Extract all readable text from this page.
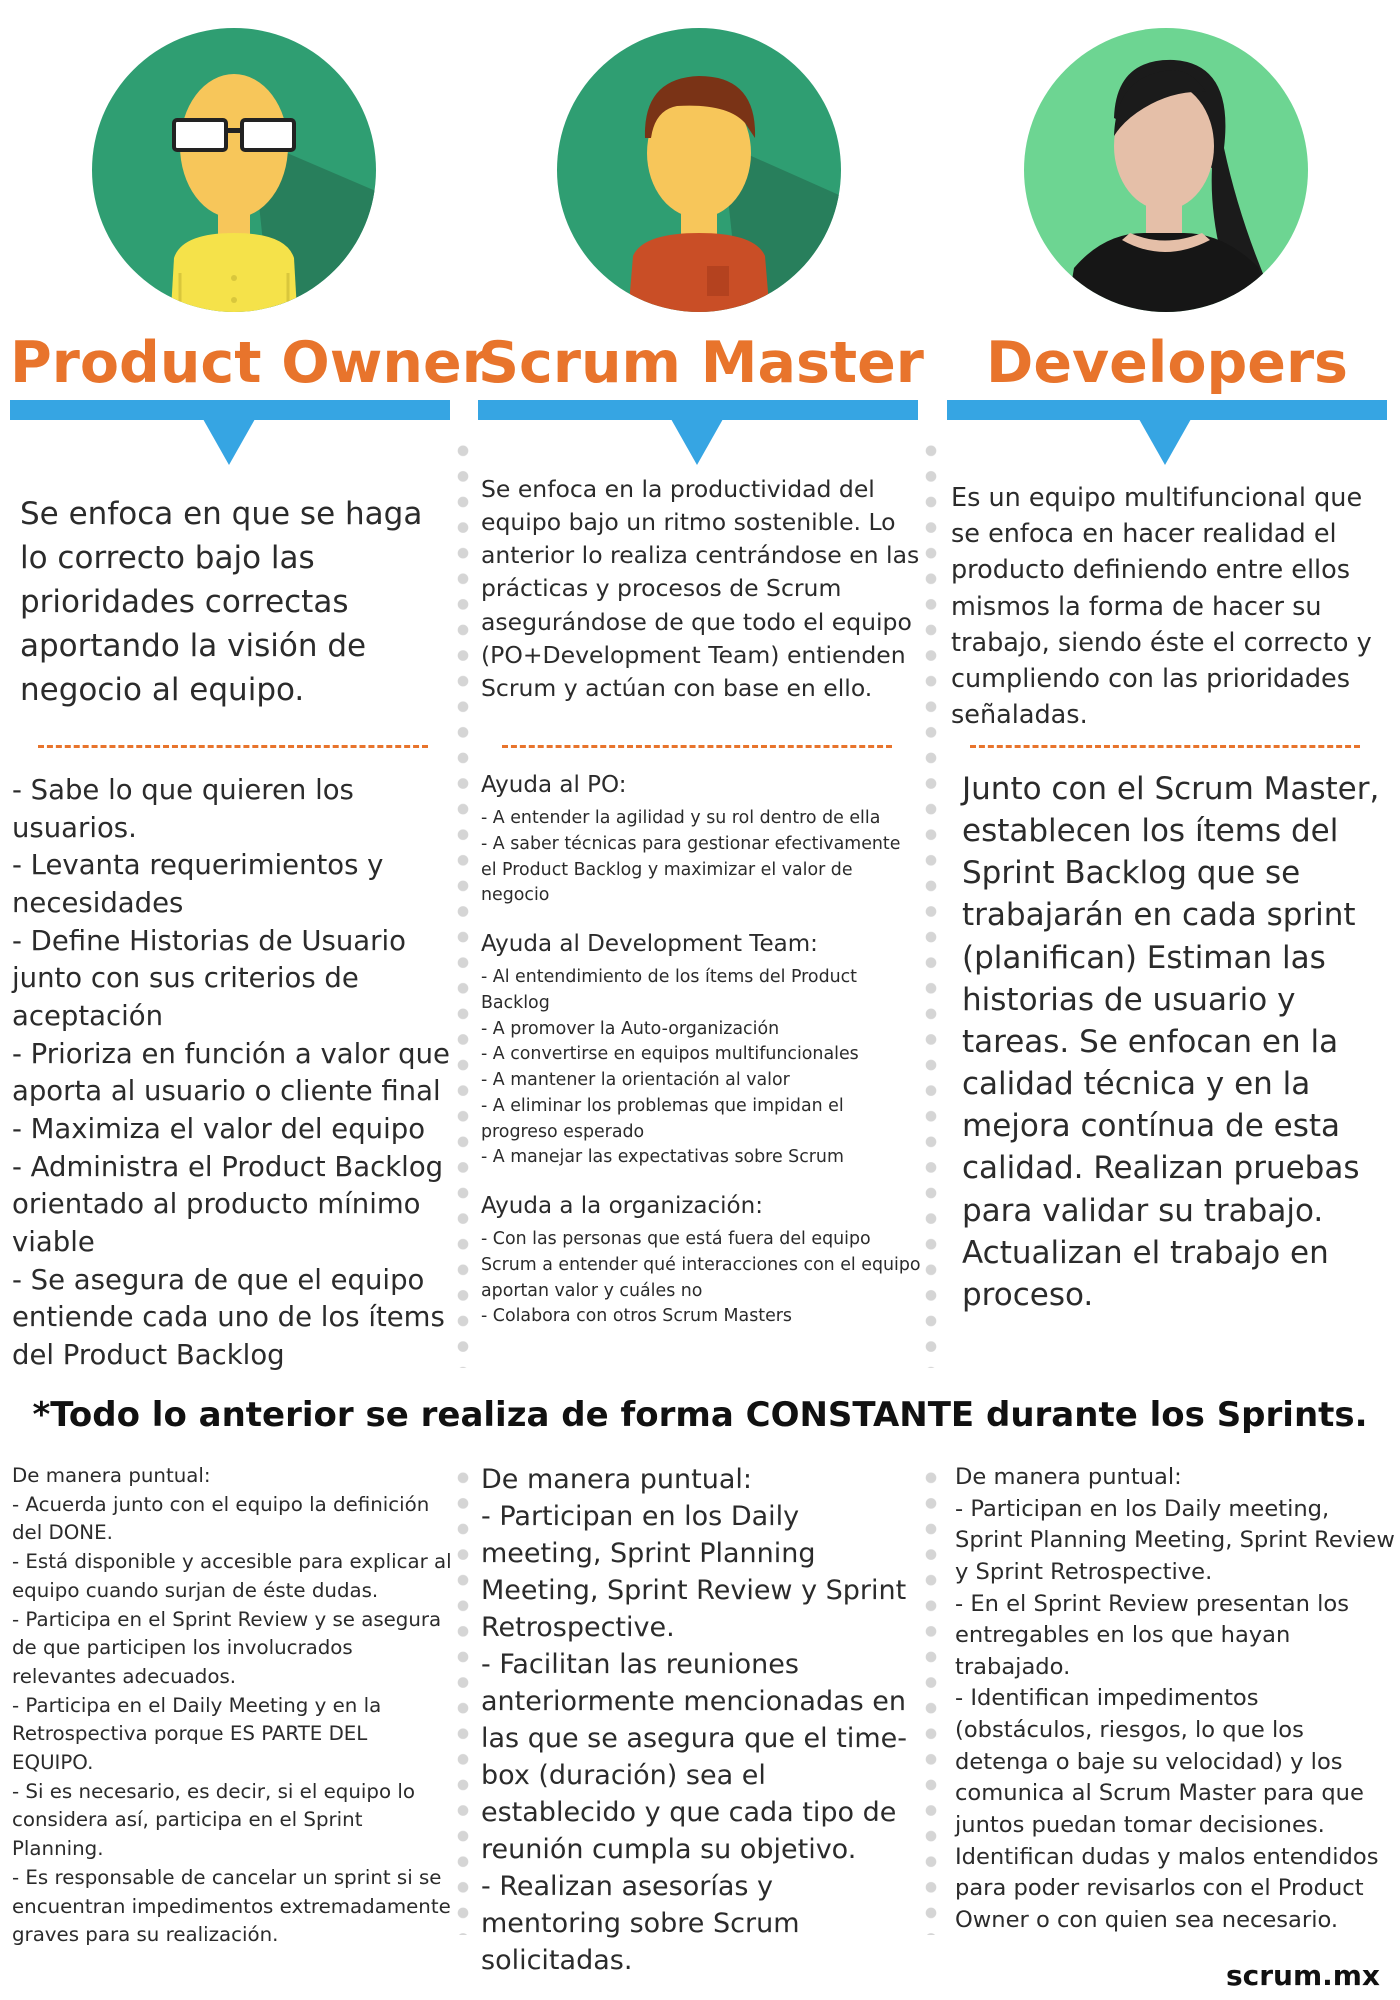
Product Owner
Scrum Master	Developers
Se enfoca en que se haga lo correcto bajo las prioridades correctas aportando la visión de negocio al equipo.
Se enfoca en la productividad del equipo bajo un ritmo sostenible. Lo anterior lo realiza centrándose en las prácticas y procesos de Scrum asegurándose de que todo el equipo (PO+Development Team) entienden Scrum y actúan con base en ello.
Es un equipo multifuncional que se enfoca en hacer realidad el producto definiendo entre ellos mismos la forma de hacer su trabajo, siendo éste el correcto y cumpliendo con las prioridades señaladas.
- Sabe lo que quieren los usuarios.
- Levanta requerimientos y necesidades
- Define Historias de Usuario junto con sus criterios de aceptación
- Prioriza en función a valor que aporta al usuario o cliente final
- Maximiza el valor del equipo
- Administra el Product Backlog orientado al producto mínimo viable
- Se asegura de que el equipo entiende cada uno de los ítems del Product Backlog
Ayuda al PO:
- A entender la agilidad y su rol dentro de ella
- A saber técnicas para gestionar efectivamente el Product Backlog y maximizar el valor de negocio
Ayuda al Development Team:
- Al entendimiento de los ítems del Product Backlog
- A promover la Auto-organización
- A convertirse en equipos multifuncionales
- A mantener la orientación al valor
- A eliminar los problemas que impidan el progreso esperado
- A manejar las expectativas sobre Scrum
Ayuda a la organización:
- Con las personas que está fuera del equipo Scrum a entender qué interacciones con el equipo aportan valor y cuáles no
- Colabora con otros Scrum Masters
Junto con el Scrum Master, establecen los ítems del Sprint Backlog que se trabajarán en cada sprint (planifican) Estiman las historias de usuario y tareas. Se enfocan en la calidad técnica y en la mejora contínua de esta calidad. Realizan pruebas para validar su trabajo. Actualizan el trabajo en proceso.
*Todo lo anterior se realiza de forma CONSTANTE durante los Sprints.
De manera puntual:
- Acuerda junto con el equipo la definición del DONE.
- Está disponible y accesible para explicar al equipo cuando surjan de éste dudas.
- Participa en el Sprint Review y se asegura de que participen los involucrados relevantes adecuados.
- Participa en el Daily Meeting y en la Retrospectiva porque ES PARTE DEL EQUIPO.
- Si es necesario, es decir, si el equipo lo considera así, participa en el Sprint Planning.
- Es responsable de cancelar un sprint si se encuentran impedimentos extremadamente graves para su realización.
De manera puntual:
- Participan en los Daily meeting, Sprint Planning Meeting, Sprint Review y Sprint Retrospective.
- Facilitan las reuniones anteriormente mencionadas en las que se asegura que el time-box (duración) sea el establecido y que cada tipo de reunión cumpla su objetivo.
- Realizan asesorías y mentoring sobre Scrum solicitadas.
De manera puntual:
- Participan en los Daily meeting, Sprint Planning Meeting, Sprint Review y Sprint Retrospective.
- En el Sprint Review presentan los entregables en los que hayan trabajado.
- Identifican impedimentos (obstáculos, riesgos, lo que los detenga o baje su velocidad) y los comunica al Scrum Master para que juntos puedan tomar decisiones. Identifican dudas y malos entendidos para poder revisarlos con el Product Owner o con quien sea necesario.
scrum.mx
